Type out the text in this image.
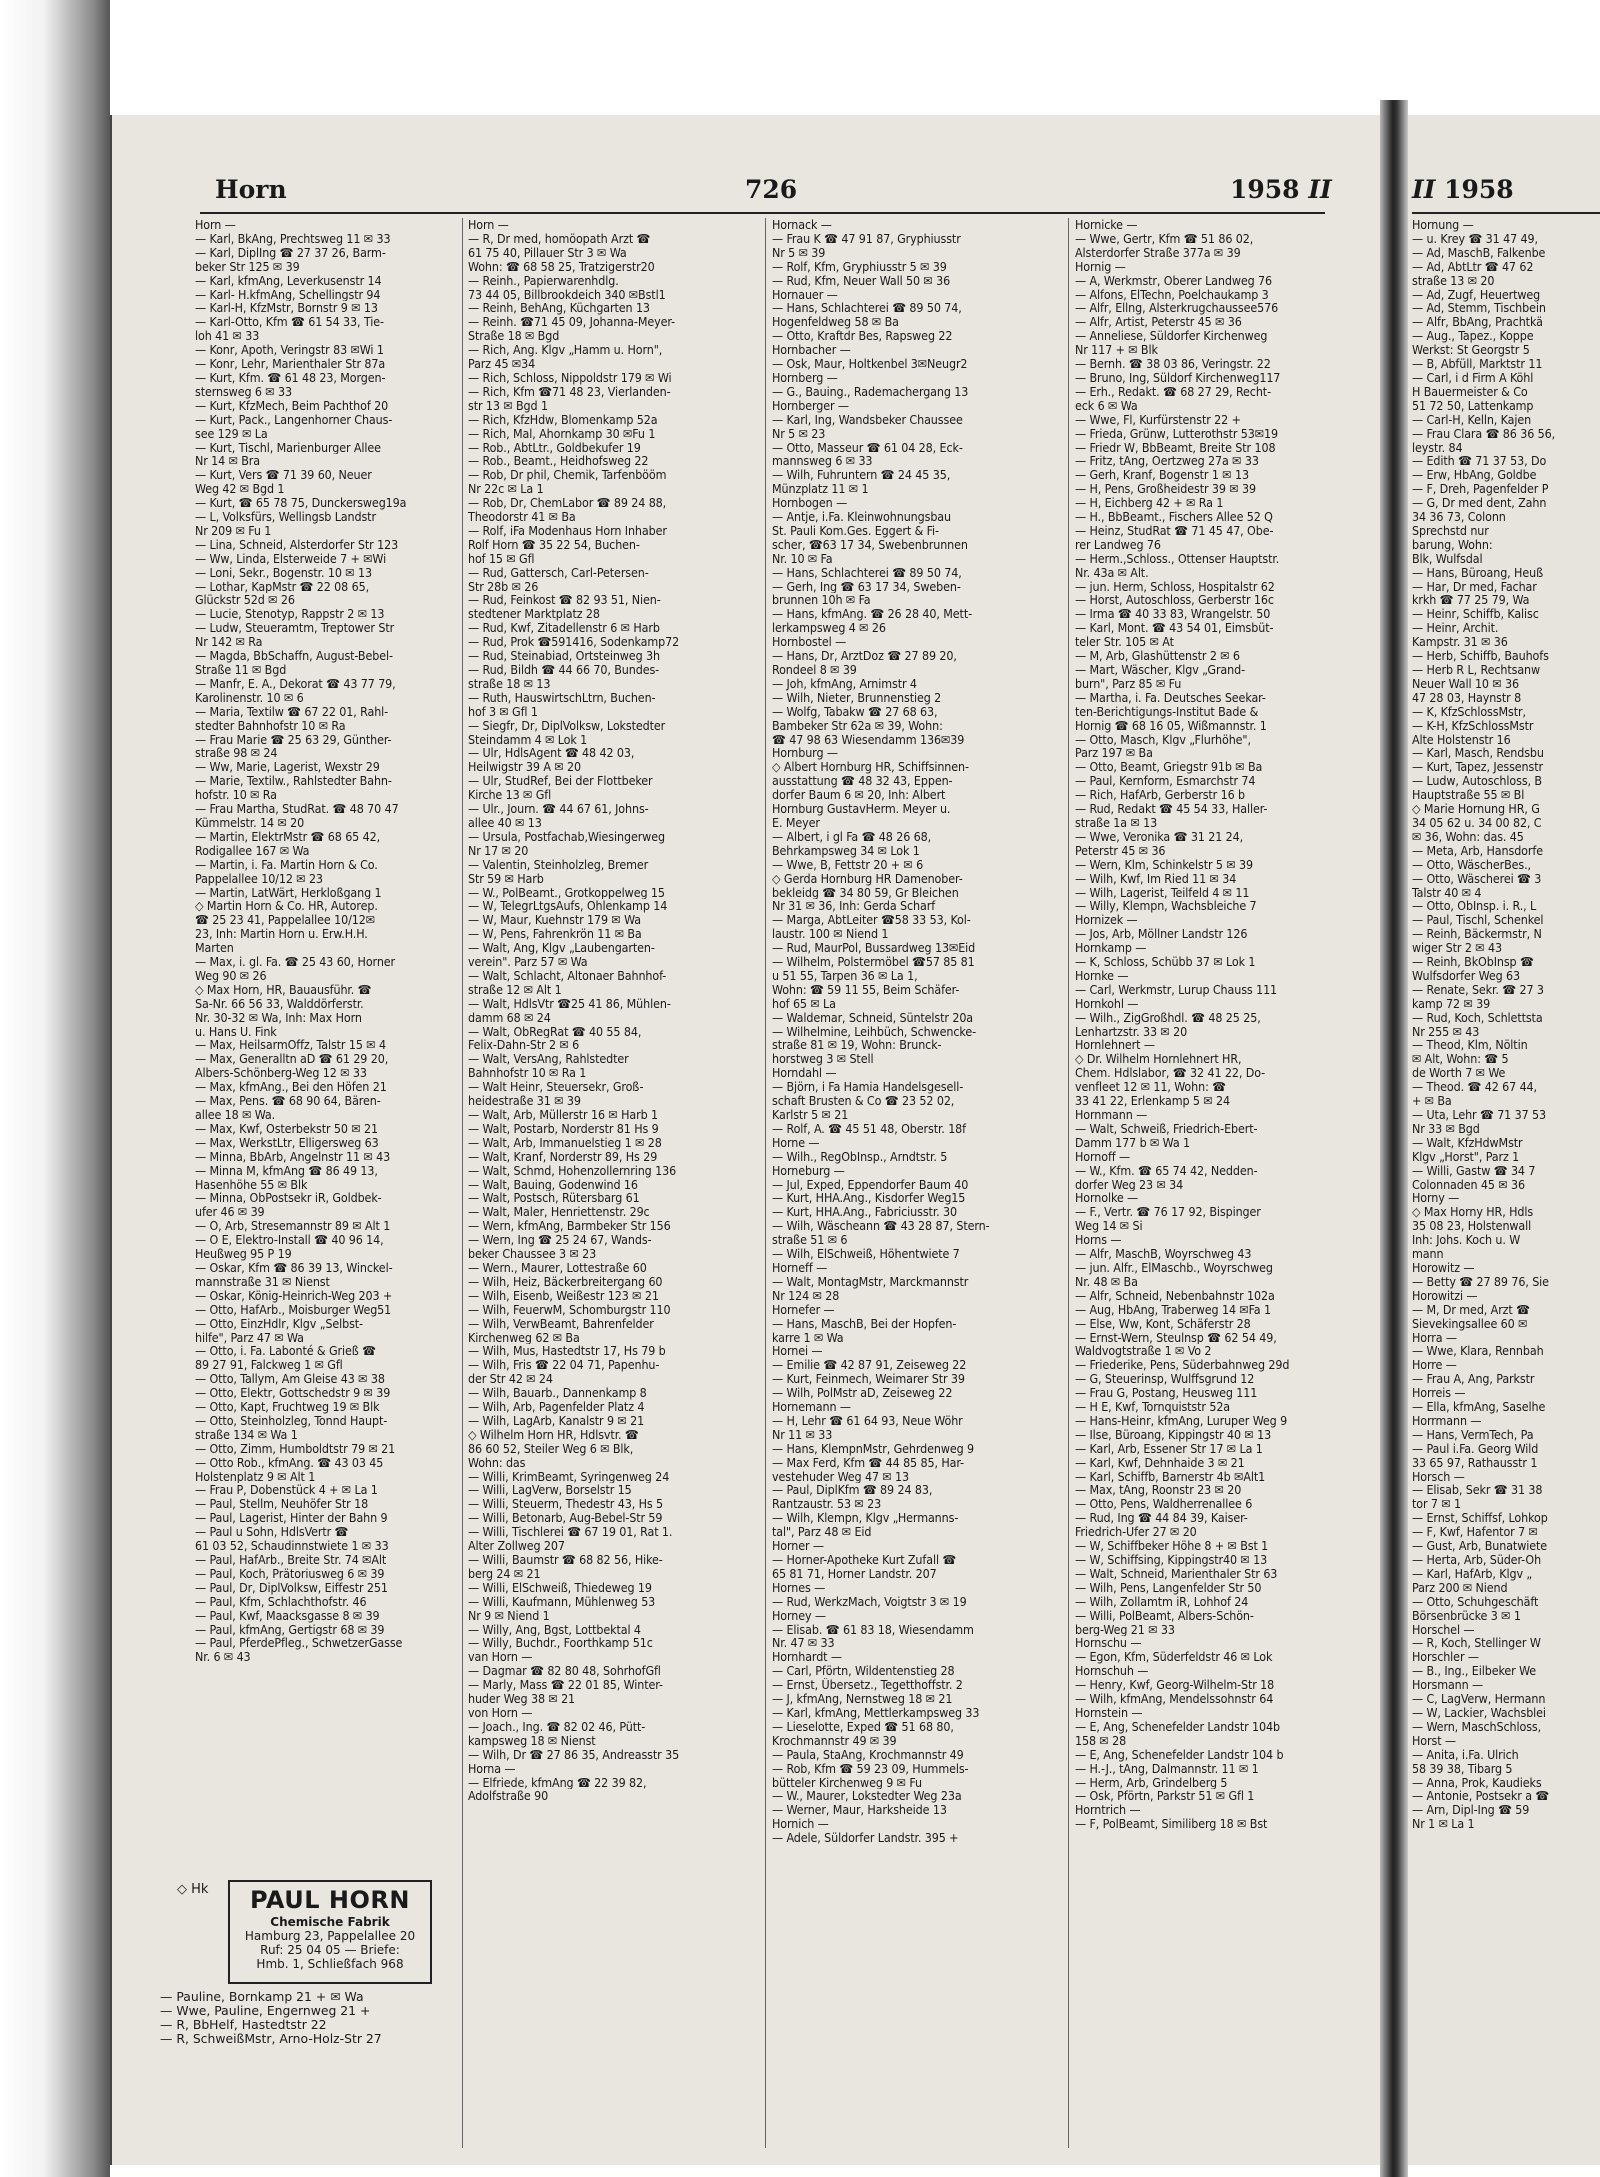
Horn	726	1958 II	II 1958
Horn —
— Karl, BkAng, Prechtsweg 11 ✉ 33
— Karl, DiplIng ☎ 27 37 26, Barm-
beker Str 125 ✉ 39
— Karl, kfmAng, Leverkusenstr 14
— Karl- H.kfmAng, Schellingstr 94
— Karl-H, KfzMstr, Bornstr 9 ✉ 13
— Karl-Otto, Kfm ☎ 61 54 33, Tie-
loh 41 ✉ 33
— Konr, Apoth, Veringstr 83 ✉Wi 1
— Konr, Lehr, Marienthaler Str 87a
— Kurt, Kfm. ☎ 61 48 23, Morgen-
sternsweg 6 ✉ 33
— Kurt, KfzMech, Beim Pachthof 20
— Kurt, Pack., Langenhorner Chaus-
see 129 ✉ La
— Kurt, Tischl, Marienburger Allee
Nr 14 ✉ Bra
— Kurt, Vers ☎ 71 39 60, Neuer
Weg 42 ✉ Bgd 1
— Kurt, ☎ 65 78 75, Dunckersweg19a
— L, Volksfürs, Wellingsb Landstr
Nr 209 ✉ Fu 1
— Lina, Schneid, Alsterdorfer Str 123
— Ww, Linda, Elsterweide 7 + ✉Wi
— Loni, Sekr., Bogenstr. 10 ✉ 13
— Lothar, KapMstr ☎ 22 08 65,
Glückstr 52d ✉ 26
— Lucie, Stenotyp, Rappstr 2 ✉ 13
— Ludw, Steueramtm, Treptower Str
Nr 142 ✉ Ra
— Magda, BbSchaffn, August-Bebel-
Straße 11 ✉ Bgd
— Manfr, E. A., Dekorat ☎ 43 77 79,
Karolinenstr. 10 ✉ 6
— Maria, Textilw ☎ 67 22 01, Rahl-
stedter Bahnhofstr 10 ✉ Ra
— Frau Marie ☎ 25 63 29, Günther-
straße 98 ✉ 24
— Ww, Marie, Lagerist, Wexstr 29
— Marie, Textilw., Rahlstedter Bahn-
hofstr. 10 ✉ Ra
— Frau Martha, StudRat. ☎ 48 70 47
Kümmelstr. 14 ✉ 20
— Martin, ElektrMstr ☎ 68 65 42,
Rodigallee 167 ✉ Wa
— Martin, i. Fa. Martin Horn & Co.
Pappelallee 10/12 ✉ 23
— Martin, LatWärt, Herkloßgang 1
◇ Martin Horn & Co. HR, Autorep.
☎ 25 23 41, Pappelallee 10/12✉
23, Inh: Martin Horn u. Erw.H.H.
Marten
— Max, i. gl. Fa. ☎ 25 43 60, Horner
Weg 90 ✉ 26
◇ Max Horn, HR, Bauausführ. ☎
Sa-Nr. 66 56 33, Walddörferstr.
Nr. 30-32 ✉ Wa, Inh: Max Horn
u. Hans U. Fink
— Max, HeilsarmOffz, Talstr 15 ✉ 4
— Max, Generalltn aD ☎ 61 29 20,
Albers-Schönberg-Weg 12 ✉ 33
— Max, kfmAng., Bei den Höfen 21
— Max, Pens. ☎ 68 90 64, Bären-
allee 18 ✉ Wa.
— Max, Kwf, Osterbekstr 50 ✉ 21
— Max, WerkstLtr, Elligersweg 63
— Minna, BbArb, Angelnstr 11 ✉ 43
— Minna M, kfmAng ☎ 86 49 13,
Hasenhöhe 55 ✉ Blk
— Minna, ObPostsekr iR, Goldbek-
ufer 46 ✉ 39
— O, Arb, Stresemannstr 89 ✉ Alt 1
— O E, Elektro-Install ☎ 40 96 14,
Heußweg 95 P 19
— Oskar, Kfm ☎ 86 39 13, Winckel-
mannstraße 31 ✉ Nienst
— Oskar, König-Heinrich-Weg 203 +
— Otto, HafArb., Moisburger Weg51
— Otto, EinzHdlr, Klgv „Selbst-
hilfe", Parz 47 ✉ Wa
— Otto, i. Fa. Labonté & Grieß ☎
89 27 91, Falckweg 1 ✉ Gfl
— Otto, Tallym, Am Gleise 43 ✉ 38
— Otto, Elektr, Gottschedstr 9 ✉ 39
— Otto, Kapt, Fruchtweg 19 ✉ Blk
— Otto, Steinholzleg, Tonnd Haupt-
straße 134 ✉ Wa 1
— Otto, Zimm, Humboldtstr 79 ✉ 21
— Otto Rob., kfmAng. ☎ 43 03 45
Holstenplatz 9 ✉ Alt 1
— Frau P, Dobenstück 4 + ✉ La 1
— Paul, Stellm, Neuhöfer Str 18
— Paul, Lagerist, Hinter der Bahn 9
— Paul u Sohn, HdlsVertr ☎
61 03 52, Schaudinnstwiete 1 ✉ 33
— Paul, HafArb., Breite Str. 74 ✉Alt
— Paul, Koch, Prätoriusweg 6 ✉ 39
— Paul, Dr, DiplVolksw, Eiffestr 251
— Paul, Kfm, Schlachthofstr. 46
— Paul, Kwf, Maacksgasse 8 ✉ 39
— Paul, kfmAng, Gertigstr 68 ✉ 39
— Paul, PferdePfleg., SchwetzerGasse
Nr. 6 ✉ 43
Horn —
— R, Dr med, homöopath Arzt ☎
61 75 40, Pillauer Str 3 ✉ Wa
Wohn: ☎ 68 58 25, Tratzigerstr20
— Reinh., Papierwarenhdlg.
73 44 05, Billbrookdeich 340 ✉Bstl1
— Reinh, BehAng, Küchgarten 13
— Reinh. ☎71 45 09, Johanna-Meyer-
Straße 18 ✉ Bgd
— Rich, Ang. Klgv „Hamm u. Horn",
Parz 45 ✉34
— Rich, Schloss, Nippoldstr 179 ✉ Wi
— Rich, Kfm ☎71 48 23, Vierlanden-
str 13 ✉ Bgd 1
— Rich, KfzHdw, Blomenkamp 52a
— Rich, Mal, Ahornkamp 30 ✉Fu 1
— Rob., AbtLtr., Goldbekufer 19
— Rob., Beamt., Heidhofsweg 22
— Rob, Dr phil, Chemik, Tarfenbööm
Nr 22c ✉ La 1
— Rob, Dr, ChemLabor ☎ 89 24 88,
Theodorstr 41 ✉ Ba
— Rolf, iFa Modenhaus Horn Inhaber
Rolf Horn ☎ 35 22 54, Buchen-
hof 15 ✉ Gfl
— Rud, Gattersch, Carl-Petersen-
Str 28b ✉ 26
— Rud, Feinkost ☎ 82 93 51, Nien-
stedtener Marktplatz 28
— Rud, Kwf, Zitadellenstr 6 ✉ Harb
— Rud, Prok ☎591416, Sodenkamp72
— Rud, Steinabiad, Ortsteinweg 3h
— Rud, Bildh ☎ 44 66 70, Bundes-
straße 18 ✉ 13
— Ruth, HauswirtschLtrn, Buchen-
hof 3 ✉ Gfl 1
— Siegfr, Dr, DiplVolksw, Lokstedter
Steindamm 4 ✉ Lok 1
— Ulr, HdlsAgent ☎ 48 42 03,
Heilwigstr 39 A ✉ 20
— Ulr, StudRef, Bei der Flottbeker
Kirche 13 ✉ Gfl
— Ulr., Journ. ☎ 44 67 61, Johns-
allee 40 ✉ 13
— Ursula, Postfachab,Wiesingerweg
Nr 17 ✉ 20
— Valentin, Steinholzleg, Bremer
Str 59 ✉ Harb
— W., PolBeamt., Grotkoppelweg 15
— W, TelegrLtgsAufs, Ohlenkamp 14
— W, Maur, Kuehnstr 179 ✉ Wa
— W, Pens, Fahrenkrön 11 ✉ Ba
— Walt, Ang, Klgv „Laubengarten-
verein". Parz 57 ✉ Wa
— Walt, Schlacht, Altonaer Bahnhof-
straße 12 ✉ Alt 1
— Walt, HdlsVtr ☎25 41 86, Mühlen-
damm 68 ✉ 24
— Walt, ObRegRat ☎ 40 55 84,
Felix-Dahn-Str 2 ✉ 6
— Walt, VersAng, Rahlstedter
Bahnhofstr 10 ✉ Ra 1
— Walt Heinr, Steuersekr, Groß-
heidestraße 31 ✉ 39
— Walt, Arb, Müllerstr 16 ✉ Harb 1
— Walt, Postarb, Norderstr 81 Hs 9
— Walt, Arb, Immanuelstieg 1 ✉ 28
— Walt, Kranf, Norderstr 89, Hs 29
— Walt, Schmd, Hohenzollernring 136
— Walt, Bauing, Godenwind 16
— Walt, Postsch, Rütersbarg 61
— Walt, Maler, Henriettenstr. 29c
— Wern, kfmAng, Barmbeker Str 156
— Wern, Ing ☎ 25 24 67, Wands-
beker Chaussee 3 ✉ 23
— Wern., Maurer, Lottestraße 60
— Wilh, Heiz, Bäckerbreitergang 60
— Wilh, Eisenb, Weißestr 123 ✉ 21
— Wilh, FeuerwM, Schomburgstr 110
— Wilh, VerwBeamt, Bahrenfelder
Kirchenweg 62 ✉ Ba
— Wilh, Mus, Hastedtstr 17, Hs 79 b
— Wilh, Fris ☎ 22 04 71, Papenhu-
der Str 42 ✉ 24
— Wilh, Bauarb., Dannenkamp 8
— Wilh, Arb, Pagenfelder Platz 4
— Wilh, LagArb, Kanalstr 9 ✉ 21
◇ Wilhelm Horn HR, Hdlsvtr. ☎
86 60 52, Steiler Weg 6 ✉ Blk,
Wohn: das
— Willi, KrimBeamt, Syringenweg 24
— Willi, LagVerw, Borselstr 15
— Willi, Steuerm, Thedestr 43, Hs 5
— Willi, Betonarb, Aug-Bebel-Str 59
— Willi, Tischlerei ☎ 67 19 01, Rat 1.
Alter Zollweg 207
— Willi, Baumstr ☎ 68 82 56, Hike-
berg 24 ✉ 21
— Willi, ElSchweiß, Thiedeweg 19
— Willi, Kaufmann, Mühlenweg 53
Nr 9 ✉ Niend 1
— Willy, Ang, Bgst, Lottbektal 4
— Willy, Buchdr., Foorthkamp 51c
van Horn —
— Dagmar ☎ 82 80 48, SohrhofGfl
— Marly, Mass ☎ 22 01 85, Winter-
huder Weg 38 ✉ 21
von Horn —
— Joach., Ing. ☎ 82 02 46, Pütt-
kampsweg 18 ✉ Nienst
— Wilh, Dr ☎ 27 86 35, Andreasstr 35
Horna —
— Elfriede, kfmAng ☎ 22 39 82,
Adolfstraße 90
Hornack —
— Frau K ☎ 47 91 87, Gryphiusstr
Nr 5 ✉ 39
— Rolf, Kfm, Gryphiusstr 5 ✉ 39
— Rud, Kfm, Neuer Wall 50 ✉ 36
Hornauer —
— Hans, Schlachterei ☎ 89 50 74,
Hogenfeldweg 58 ✉ Ba
— Otto, Kraftdr Bes, Rapsweg 22
Hornbacher —
— Osk, Maur, Holtkenbel 3✉Neugr2
Hornberg —
— G., Bauing., Rademachergang 13
Hornberger —
— Karl, Ing, Wandsbeker Chaussee
Nr 5 ✉ 23
— Otto, Masseur ☎ 61 04 28, Eck-
mannsweg 6 ✉ 33
— Wilh, Fuhruntern ☎ 24 45 35,
Münzplatz 11 ✉ 1
Hornbogen —
— Antje, i.Fa. Kleinwohnungsbau
St. Pauli Kom.Ges. Eggert & Fi-
scher, ☎63 17 34, Swebenbrunnen
Nr. 10 ✉ Fa
— Hans, Schlachterei ☎ 89 50 74,
— Gerh, Ing ☎ 63 17 34, Sweben-
brunnen 10h ✉ Fa
— Hans, kfmAng. ☎ 26 28 40, Mett-
lerkampsweg 4 ✉ 26
Hornbostel —
— Hans, Dr, ArztDoz ☎ 27 89 20,
Rondeel 8 ✉ 39
— Joh, kfmAng, Arnimstr 4
— Wilh, Nieter, Brunnenstieg 2
— Wolfg, Tabakw ☎ 27 68 63,
Bambeker Str 62a ✉ 39, Wohn:
☎ 47 98 63 Wiesendamm 136✉39
Hornburg —
◇ Albert Hornburg HR, Schiffsinnen-
ausstattung ☎ 48 32 43, Eppen-
dorfer Baum 6 ✉ 20, Inh: Albert
Hornburg GustavHerm. Meyer u.
E. Meyer
— Albert, i gl Fa ☎ 48 26 68,
Behrkampsweg 34 ✉ Lok 1
— Wwe, B, Fettstr 20 + ✉ 6
◇ Gerda Hornburg HR Damenober-
bekleidg ☎ 34 80 59, Gr Bleichen
Nr 31 ✉ 36, Inh: Gerda Scharf
— Marga, AbtLeiter ☎58 33 53, Kol-
laustr. 100 ✉ Niend 1
— Rud, MaurPol, Bussardweg 13✉Eid
— Wilhelm, Polstermöbel ☎57 85 81
u 51 55, Tarpen 36 ✉ La 1,
Wohn: ☎ 59 11 55, Beim Schäfer-
hof 65 ✉ La
— Waldemar, Schneid, Süntelstr 20a
— Wilhelmine, Leihbüch, Schwencke-
straße 81 ✉ 19, Wohn: Brunck-
horstweg 3 ✉ Stell
Horndahl —
— Björn, i Fa Hamia Handelsgesell-
schaft Brusten & Co ☎ 23 52 02,
Karlstr 5 ✉ 21
— Rolf, A. ☎ 45 51 48, Oberstr. 18f
Horne —
— Wilh., RegObInsp., Arndtstr. 5
Horneburg —
— Jul, Exped, Eppendorfer Baum 40
— Kurt, HHA.Ang., Kisdorfer Weg15
— Kurt, HHA.Ang., Fabriciusstr. 30
— Wilh, Wäscheann ☎ 43 28 87, Stern-
straße 51 ✉ 6
— Wilh, ElSchweiß, Höhentwiete 7
Horneff —
— Walt, MontagMstr, Marckmannstr
Nr 124 ✉ 28
Hornefer —
— Hans, MaschB, Bei der Hopfen-
karre 1 ✉ Wa
Hornei —
— Emilie ☎ 42 87 91, Zeiseweg 22
— Kurt, Feinmech, Weimarer Str 39
— Wilh, PolMstr aD, Zeiseweg 22
Hornemann —
— H, Lehr ☎ 61 64 93, Neue Wöhr
Nr 11 ✉ 33
— Hans, KlempnMstr, Gehrdenweg 9
— Max Ferd, Kfm ☎ 44 85 85, Har-
vestehuder Weg 47 ✉ 13
— Paul, DiplKfm ☎ 89 24 83,
Rantzaustr. 53 ✉ 23
— Wilh, Klempn, Klgv „Hermanns-
tal", Parz 48 ✉ Eid
Horner —
— Horner-Apotheke Kurt Zufall ☎
65 81 71, Horner Landstr. 207
Hornes —
— Rud, WerkzMach, Voigtstr 3 ✉ 19
Horney —
— Elisab. ☎ 61 83 18, Wiesendamm
Nr. 47 ✉ 33
Hornhardt —
— Carl, Pförtn, Wildentenstieg 28
— Ernst, Übersetz., Tegetthoffstr. 2
— J, kfmAng, Nernstweg 18 ✉ 21
— Karl, kfmAng, Mettlerkampsweg 33
— Lieselotte, Exped ☎ 51 68 80,
Krochmannstr 49 ✉ 39
— Paula, StaAng, Krochmannstr 49
— Rob, Kfm ☎ 59 23 09, Hummels-
bütteler Kirchenweg 9 ✉ Fu
— W., Maurer, Lokstedter Weg 23a
— Werner, Maur, Harksheide 13
Hornich —
— Adele, Süldorfer Landstr. 395 +
Hornicke —
— Wwe, Gertr, Kfm ☎ 51 86 02,
Alsterdorfer Straße 377a ✉ 39
Hornig —
— A, Werkmstr, Oberer Landweg 76
— Alfons, ElTechn, Poelchaukamp 3
— Alfr, Ellng, Alsterkrugchaussee576
— Alfr, Artist, Peterstr 45 ✉ 36
— Anneliese, Süldorfer Kirchenweg
Nr 117 + ✉ Blk
— Bernh. ☎ 38 03 86, Veringstr. 22
— Bruno, Ing, Süldorf Kirchenweg117
— Erh., Redakt. ☎ 68 27 29, Recht-
eck 6 ✉ Wa
— Wwe, Fl, Kurfürstenstr 22 +
— Frieda, Grünw, Lutterothstr 53✉19
— Friedr W, BbBeamt, Breite Str 108
— Fritz, tAng, Oertzweg 27a ✉ 33
— Gerh, Kranf, Bogenstr 1 ✉ 13
— H, Pens, Großheidestr 39 ✉ 39
— H, Eichberg 42 + ✉ Ra 1
— H., BbBeamt., Fischers Allee 52 Q
— Heinz, StudRat ☎ 71 45 47, Obe-
rer Landweg 76
— Herm.,Schloss., Ottenser Hauptstr.
Nr. 43a ✉ Alt.
— jun. Herm, Schloss, Hospitalstr 62
— Horst, Autoschloss, Gerberstr 16c
— Irma ☎ 40 33 83, Wrangelstr. 50
— Karl, Mont. ☎ 43 54 01, Eimsbüt-
teler Str. 105 ✉ At
— M, Arb, Glashüttenstr 2 ✉ 6
— Mart, Wäscher, Klgv „Grand-
burn", Parz 85 ✉ Fu
— Martha, i. Fa. Deutsches Seekar-
ten-Berichtigungs-Institut Bade &
Hornig ☎ 68 16 05, Wißmannstr. 1
— Otto, Masch, Klgv „Flurhöhe",
Parz 197 ✉ Ba
— Otto, Beamt, Griegstr 91b ✉ Ba
— Paul, Kernform, Esmarchstr 74
— Rich, HafArb, Gerberstr 16 b
— Rud, Redakt ☎ 45 54 33, Haller-
straße 1a ✉ 13
— Wwe, Veronika ☎ 31 21 24,
Peterstr 45 ✉ 36
— Wern, Klm, Schinkelstr 5 ✉ 39
— Wilh, Kwf, Im Ried 11 ✉ 34
— Wilh, Lagerist, Teilfeld 4 ✉ 11
— Willy, Klempn, Wachsbleiche 7
Hornizek —
— Jos, Arb, Möllner Landstr 126
Hornkamp —
— K, Schloss, Schübb 37 ✉ Lok 1
Hornke —
— Carl, Werkmstr, Lurup Chauss 111
Hornkohl —
— Wilh., ZigGroßhdl. ☎ 48 25 25,
Lenhartzstr. 33 ✉ 20
Hornlehnert —
◇ Dr. Wilhelm Hornlehnert HR,
Chem. Hdlslabor, ☎ 32 41 22, Do-
venfleet 12 ✉ 11, Wohn: ☎
33 41 22, Erlenkamp 5 ✉ 24
Hornmann —
— Walt, Schweiß, Friedrich-Ebert-
Damm 177 b ✉ Wa 1
Hornoff —
— W., Kfm. ☎ 65 74 42, Nedden-
dorfer Weg 23 ✉ 34
Hornolke —
— F., Vertr. ☎ 76 17 92, Bispinger
Weg 14 ✉ Si
Horns —
— Alfr, MaschB, Woyrschweg 43
— jun. Alfr., ElMaschb., Woyrschweg
Nr. 48 ✉ Ba
— Alfr, Schneid, Nebenbahnstr 102a
— Aug, HbAng, Traberweg 14 ✉Fa 1
— Else, Ww, Kont, Schäferstr 28
— Ernst-Wern, Steulnsp ☎ 62 54 49,
Waldvogtstraße 1 ✉ Vo 2
— Friederike, Pens, Süderbahnweg 29d
— G, Steuerinsp, Wulffsgrund 12
— Frau G, Postang, Heusweg 111
— H E, Kwf, Tornquiststr 52a
— Hans-Heinr, kfmAng, Luruper Weg 9
— Ilse, Büroang, Kippingstr 40 ✉ 13
— Karl, Arb, Essener Str 17 ✉ La 1
— Karl, Kwf, Dehnhaide 3 ✉ 21
— Karl, Schiffb, Barnerstr 4b ✉Alt1
— Max, tAng, Roonstr 23 ✉ 20
— Otto, Pens, Waldherrenallee 6
— Rud, Ing ☎ 44 84 39, Kaiser-
Friedrich-Ufer 27 ✉ 20
— W, Schiffbeker Höhe 8 + ✉ Bst 1
— W, Schiffsing, Kippingstr40 ✉ 13
— Walt, Schneid, Marienthaler Str 63
— Wilh, Pens, Langenfelder Str 50
— Wilh, Zollamtm iR, Lohhof 24
— Willi, PolBeamt, Albers-Schön-
berg-Weg 21 ✉ 33
Hornschu —
— Egon, Kfm, Süderfeldstr 46 ✉ Lok
Hornschuh —
— Henry, Kwf, Georg-Wilhelm-Str 18
— Wilh, kfmAng, Mendelssohnstr 64
Hornstein —
— E, Ang, Schenefelder Landstr 104b
158 ✉ 28
— E, Ang, Schenefelder Landstr 104 b
— H.-J., tAng, Dalmannstr. 11 ✉ 1
— Herm, Arb, Grindelberg 5
— Osk, Pförtn, Parkstr 51 ✉ Gfl 1
Horntrich —
— F, PolBeamt, Similiberg 18 ✉ Bst
Hornung —
— u. Krey ☎ 31 47 49,
— Ad, MaschB, Falkenbe
— Ad, AbtLtr ☎ 47 62
straße 13 ✉ 20
— Ad, Zugf, Heuertweg
— Ad, Stemm, Tischbein
— Alfr, BbAng, Prachtkä
— Aug., Tapez., Koppe
Werkst: St Georgstr 5
— B, Abfüll, Marktstr 11
— Carl, i d Firm A Köhl
H Bauermeister & Co
51 72 50, Lattenkamp
— Carl-H, Kelln, Kajen
— Frau Clara ☎ 86 36 56,
leystr. 84
— Edith ☎ 71 37 53, Do
— Erw, HbAng, Goldbe
— F, Dreh, Pagenfelder P
— G, Dr med dent, Zahn
34 36 73, Colonn
Sprechstd nur
barung, Wohn:
Blk, Wulfsdal
— Hans, Büroang, Heuß
— Har, Dr med, Fachar
krkh ☎ 77 25 79, Wa
— Heinr, Schiffb, Kalisc
— Heinr, Archit.
Kampstr. 31 ✉ 36
— Herb, Schiffb, Bauhofs
— Herb R L, Rechtsanw
Neuer Wall 10 ✉ 36
47 28 03, Haynstr 8
— K, KfzSchlossMstr,
— K-H, KfzSchlossMstr
Alte Holstenstr 16
— Karl, Masch, Rendsbu
— Kurt, Tapez, Jessenstr
— Ludw, Autoschloss, B
Hauptstraße 55 ✉ Bl
◇ Marie Hornung HR, G
34 05 62 u. 34 00 82, C
✉ 36, Wohn: das. 45
— Meta, Arb, Hansdorfe
— Otto, WäscherBes.,
— Otto, Wäscherei ☎ 3
Talstr 40 ✉ 4
— Otto, ObInsp. i. R., L
— Paul, Tischl, Schenkel
— Reinh, Bäckermstr, N
wiger Str 2 ✉ 43
— Reinh, BkObInsp ☎
Wulfsdorfer Weg 63
— Renate, Sekr. ☎ 27 3
kamp 72 ✉ 39
— Rud, Koch, Schlettsta
Nr 255 ✉ 43
— Theod, Klm, Nöltin
✉ Alt, Wohn: ☎ 5
de Worth 7 ✉ We
— Theod. ☎ 42 67 44,
+ ✉ Ba
— Uta, Lehr ☎ 71 37 53
Nr 33 ✉ Bgd
— Walt, KfzHdwMstr
Klgv „Horst", Parz 1
— Willi, Gastw ☎ 34 7
Colonnaden 45 ✉ 36
Horny —
◇ Max Horny HR, Hdls
35 08 23, Holstenwall
Inh: Johs. Koch u. W
mann
Horowitz —
— Betty ☎ 27 89 76, Sie
Horowitzi —
— M, Dr med, Arzt ☎
Sievekingsallee 60 ✉
Horra —
— Wwe, Klara, Rennbah
Horre —
— Frau A, Ang, Parkstr
Horreis —
— Ella, kfmAng, Saselhe
Horrmann —
— Hans, VermTech, Pa
— Paul i.Fa. Georg Wild
33 65 97, Rathausstr 1
Horsch —
— Elisab, Sekr ☎ 31 38
tor 7 ✉ 1
— Ernst, Schiffsf, Lohkop
— F, Kwf, Hafentor 7 ✉
— Gust, Arb, Bunatwiete
— Herta, Arb, Süder-Oh
— Karl, HafArb, Klgv „
Parz 200 ✉ Niend
— Otto, Schuhgeschäft
Börsenbrücke 3 ✉ 1
Horschel —
— R, Koch, Stellinger W
Horschler —
— B., Ing., Eilbeker We
Horsmann —
— C, LagVerw, Hermann
— W, Lackier, Wachsblei
— Wern, MaschSchloss,
Horst —
— Anita, i.Fa. Ulrich
58 39 38, Tibarg 5
— Anna, Prok, Kaudieks
— Antonie, Postsekr a ☎
— Arn, Dipl-Ing ☎ 59
Nr 1 ✉ La 1
◇ Hk	PAUL HORN
Chemische Fabrik
Hamburg 23, Pappelallee 20
Ruf: 25 04 05 — Briefe:
Hmb. 1, Schließfach 968
— Pauline, Bornkamp 21 + ✉ Wa
— Wwe, Pauline, Engernweg 21 +
— R, BbHelf, Hastedtstr 22
— R, SchweißMstr, Arno-Holz-Str 27
